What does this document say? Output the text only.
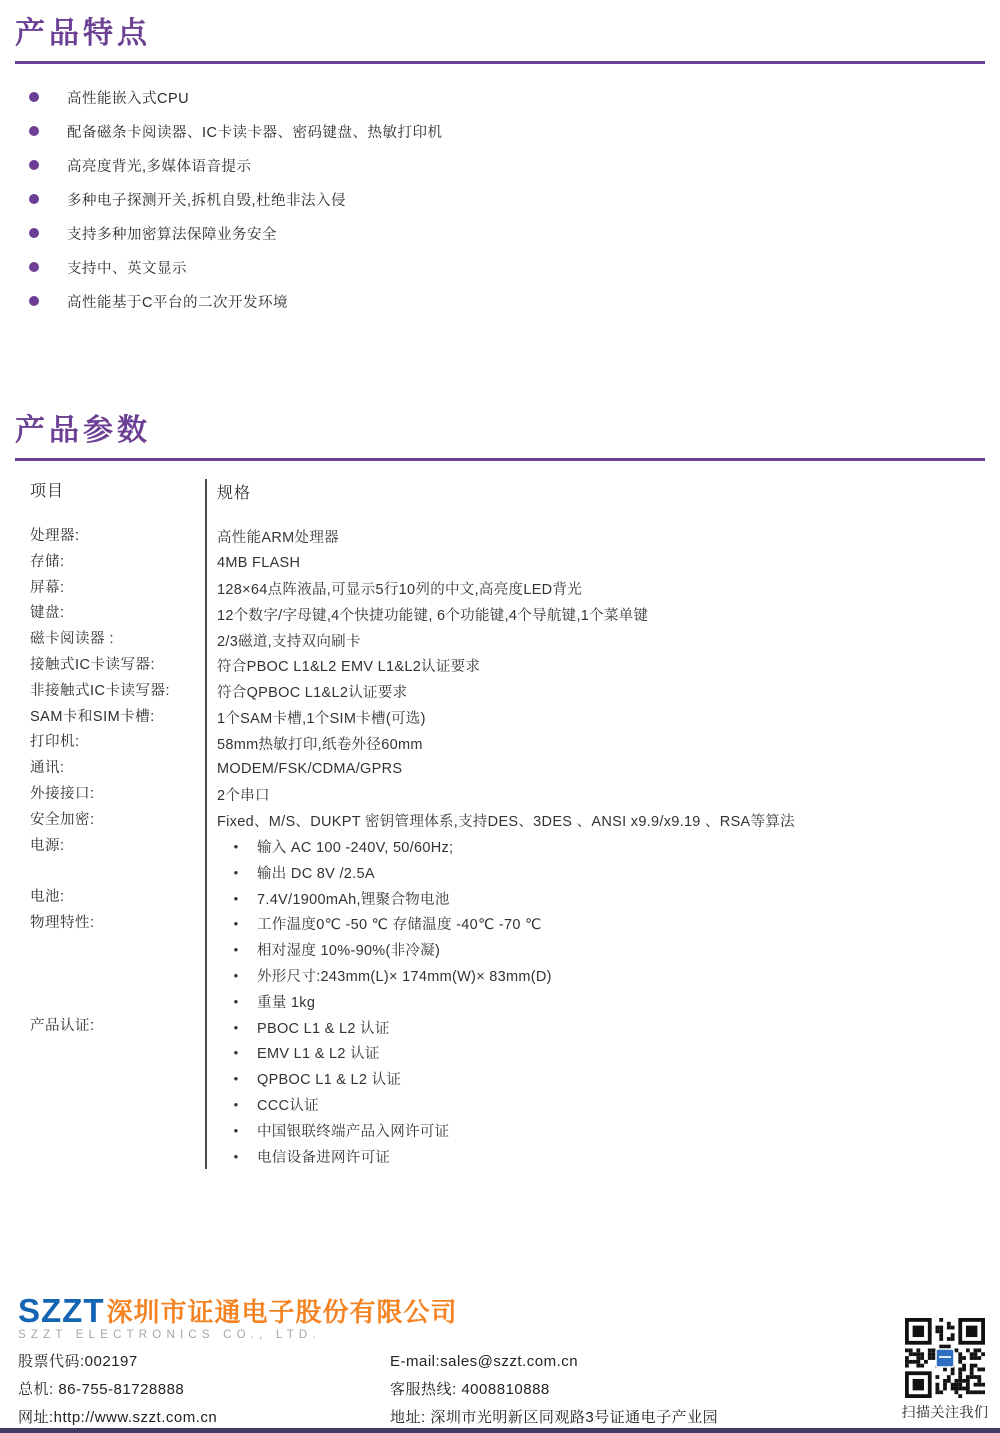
产品特点
高性能嵌入式CPU
配备磁条卡阅读器、IC卡读卡器、密码键盘、热敏打印机
高亮度背光,多媒体语音提示
多种电子探测开关,拆机自毁,杜绝非法入侵
支持多种加密算法保障业务安全
支持中、英文显示
高性能基于C平台的二次开发环境
产品参数
项目	规格
处理器:	高性能ARM处理器
存储:	4MB FLASH
屏幕:	128×64点阵液晶,可显示5行10列的中文,高亮度LED背光
键盘:	12个数字/字母键,4个快捷功能键, 6个功能键,4个导航键,1个菜单键
磁卡阅读器 :	2/3磁道,支持双向刷卡
接触式IC卡读写器:	符合PBOC L1&L2 EMV L1&L2认证要求
非接触式IC卡读写器:	符合QPBOC L1&L2认证要求
SAM卡和SIM卡槽:	1个SAM卡槽,1个SIM卡槽(可选)
打印机:	58mm热敏打印,纸卷外径60mm
通讯:	MODEM/FSK/CDMA/GPRS
外接接口:	2个串口
安全加密:	Fixed、M/S、DUKPT 密钥管理体系,支持DES、3DES 、ANSI x9.9/x9.19 、RSA等算法
电源:	•	输入 AC 100 -240V, 50/60Hz;
•	输出 DC 8V /2.5A
电池:	•	7.4V/1900mAh,锂聚合物电池
物理特性:	•	工作温度0℃ -50 ℃ 存储温度 -40℃ -70 ℃
•	相对湿度 10%-90%(非冷凝)
•	外形尺寸:243mm(L)× 174mm(W)× 83mm(D)
•	重量 1kg
产品认证:	•	PBOC L1 & L2 认证
•	EMV L1 & L2 认证
•	QPBOC L1 & L2 认证
•	CCC认证
•	中国银联终端产品入网许可证
•	电信设备进网许可证
SZZT 深圳市证通电子股份有限公司
SZZT ELECTRONICS CO., LTD.
股票代码:002197
总机: 86-755-81728888
网址:http://www.szzt.com.cn
E-mail:sales@szzt.com.cn
客服热线: 4008810888
地址: 深圳市光明新区同观路3号证通电子产业园	扫描关注我们
